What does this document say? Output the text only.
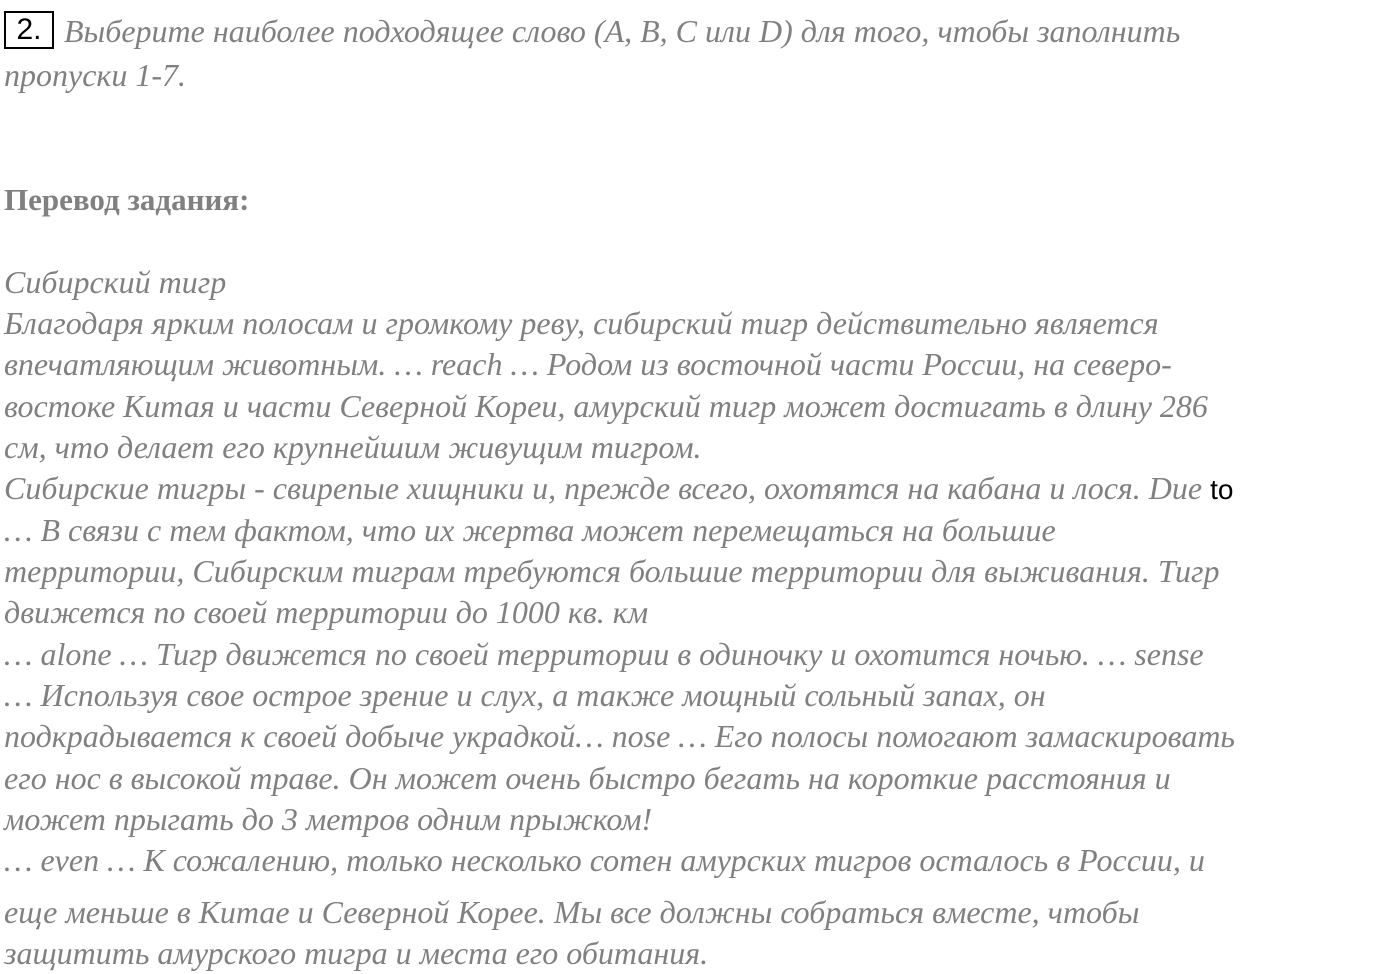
2. Выберите наиболее подходящее слово (A, B, C или D) для того, чтобы заполнить
пропуски 1-7.
Перевод задания:
Сибирский тигр
Благодаря ярким полосам и громкому реву, сибирский тигр действительно является
впечатляющим животным. … reach … Родом из восточной части России, на северо-
востоке Китая и части Северной Кореи, амурский тигр может достигать в длину 286
см, что делает его крупнейшим живущим тигром.
Сибирские тигры - свирепые хищники и, прежде всего, охотятся на кабана и лося. Due to
… В связи с тем фактом, что их жертва может перемещаться на большие
территории, Сибирским тиграм требуются большие территории для выживания. Тигр
движется по своей территории до 1000 кв. км
… alone … Тигр движется по своей территории в одиночку и охотится ночью. … sense
… Используя свое острое зрение и слух, а также мощный сольный запах, он
подкрадывается к своей добыче украдкой… nose … Его полосы помогают замаскировать
его нос в высокой траве. Он может очень быстро бегать на короткие расстояния и
может прыгать до 3 метров одним прыжком!
… even … К сожалению, только несколько сотен амурских тигров осталось в России, и
еще меньше в Китае и Северной Корее. Мы все должны собраться вместе, чтобы
защитить амурского тигра и места его обитания.
